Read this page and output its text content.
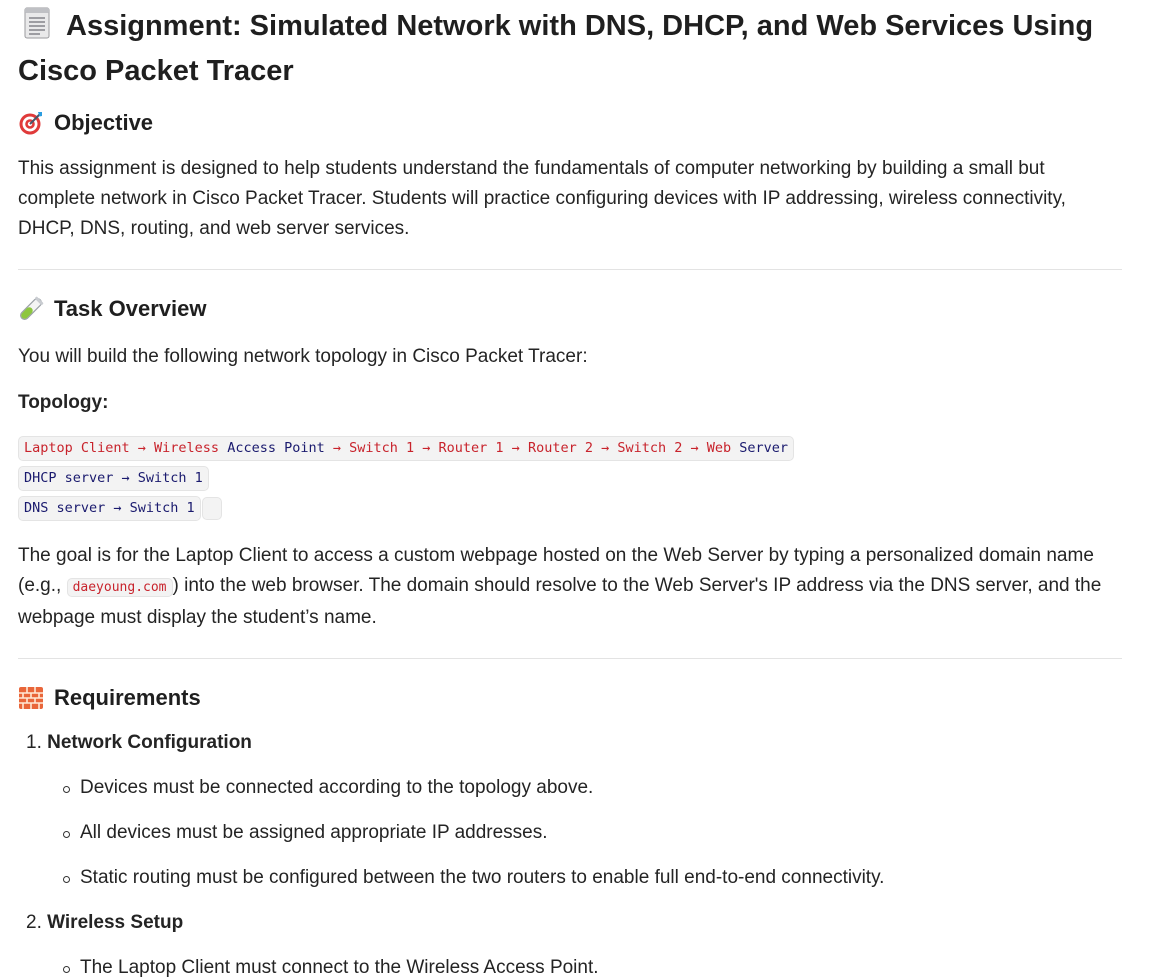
Assignment: Simulated Network with DNS, DHCP, and Web Services Using Cisco Packet Tracer
Objective

This assignment is designed to help students understand the fundamentals of computer networking by building a small but complete network in Cisco Packet Tracer. Students will practice configuring devices with IP addressing, wireless connectivity, DHCP, DNS, routing, and web server services.

Task Overview

You will build the following network topology in Cisco Packet Tracer:

Topology:

Laptop Client → Wireless Access Point → Switch 1 → Router 1 → Router 2 → Switch 2 → Web Server
DHCP server → Switch 1
DNS server → Switch 1

The goal is for the Laptop Client to access a custom webpage hosted on the Web Server by typing a personalized domain name (e.g., daeyoung.com ) into the web browser. The domain should resolve to the Web Server's IP address via the DNS server, and the webpage must display the student’s name.

Requirements
1. Network Configuration
Devices must be connected according to the topology above.
All devices must be assigned appropriate IP addresses.
Static routing must be configured between the two routers to enable full end-to-end connectivity.
2. Wireless Setup
The Laptop Client must connect to the Wireless Access Point.
